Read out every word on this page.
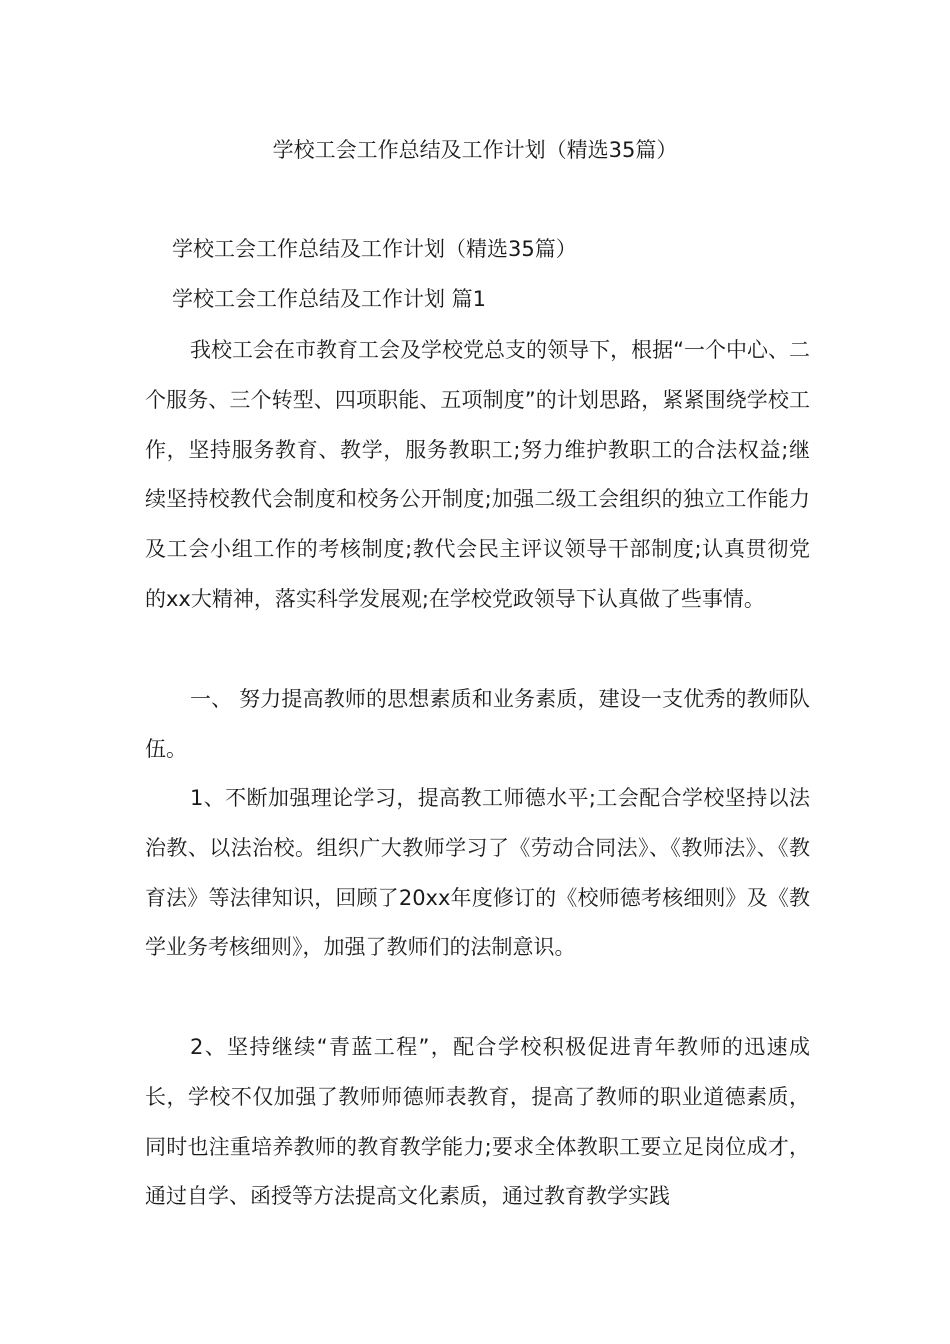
学校工会工作总结及工作计划（精选35篇）

学校工会工作总结及工作计划（精选35篇）

学校工会工作总结及工作计划 篇1

我校工会在市教育工会及学校党总支的领导下，根据“一个中心、二个服务、三个转型、四项职能、五项制度”的计划思路，紧紧围绕学校工作，坚持服务教育、教学，服务教职工;努力维护教职工的合法权益;继续坚持校教代会制度和校务公开制度;加强二级工会组织的独立工作能力及工会小组工作的考核制度;教代会民主评议领导干部制度;认真贯彻党的xx大精神，落实科学发展观;在学校党政领导下认真做了些事情。

一、 努力提高教师的思想素质和业务素质，建设一支优秀的教师队伍。

1、不断加强理论学习，提高教工师德水平;工会配合学校坚持以法治教、以法治校。组织广大教师学习了《劳动合同法》、《教师法》、《教育法》等法律知识，回顾了20xx年度修订的《校师德考核细则》及《教学业务考核细则》，加强了教师们的法制意识。

2、坚持继续“青蓝工程”，配合学校积极促进青年教师的迅速成长，学校不仅加强了教师师德师表教育，提高了教师的职业道德素质，同时也注重培养教师的教育教学能力;要求全体教职工要立足岗位成才，通过自学、函授等方法提高文化素质，通过教育教学实践
